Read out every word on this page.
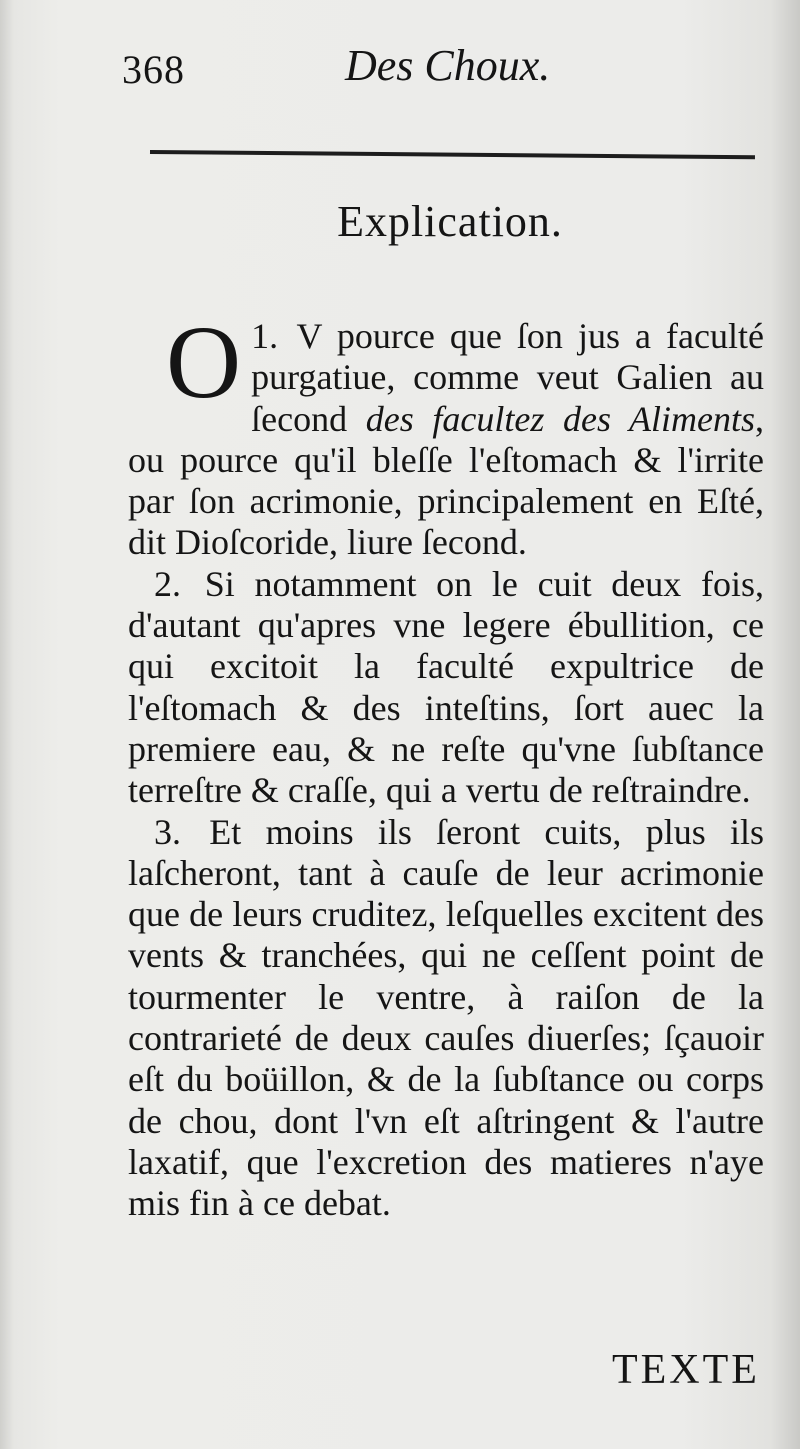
368	Des Choux.
Explication.

O 1. V pource que ſon jus a faculté purgatiue, comme veut Galien au ſecond des facultez des Aliments, ou pource qu'il bleſſe l'eſtomach & l'irrite par ſon acrimonie, principalement en Eſté, dit Dioſcoride, liure ſecond.

2. Si notamment on le cuit deux fois, d'autant qu'apres vne legere ébullition, ce qui excitoit la faculté expultrice de l'eſtomach & des inteſtins, ſort auec la premiere eau, & ne reſte qu'vne ſubſtance terreſtre & craſſe, qui a vertu de reſtraindre.

3. Et moins ils ſeront cuits, plus ils laſcheront, tant à cauſe de leur acrimonie que de leurs cruditez, leſquelles excitent des vents & tranchées, qui ne ceſſent point de tourmenter le ventre, à raiſon de la contrarieté de deux cauſes diuerſes; ſçauoir eſt du boüillon, & de la ſubſtance ou corps de chou, dont l'vn eſt aſtringent & l'autre laxatif, que l'excretion des matieres n'aye mis fin à ce debat.

TEXTE
